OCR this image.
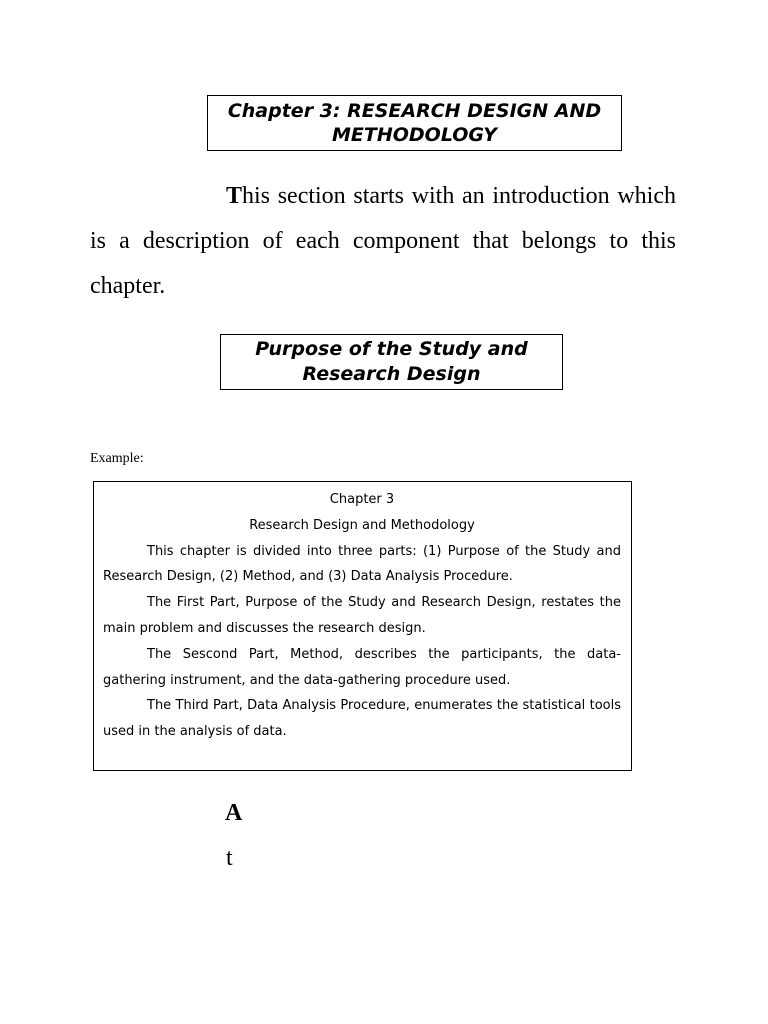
Chapter 3: RESEARCH DESIGN AND
METHODOLOGY

This section starts with an introduction which is a description of each component that belongs to this chapter.

Purpose of the Study and
Research Design
Example:
Chapter 3
Research Design and Methodology

This chapter is divided into three parts: (1) Purpose of the Study and Research Design, (2) Method, and (3) Data Analysis Procedure.

The First Part, Purpose of the Study and Research Design, restates the main problem and discusses the research design.

The Sescond Part, Method, describes the participants, the data-gathering instrument, and the data-gathering procedure used.

The Third Part, Data Analysis Procedure, enumerates the statistical tools used in the analysis of data.

A
t
